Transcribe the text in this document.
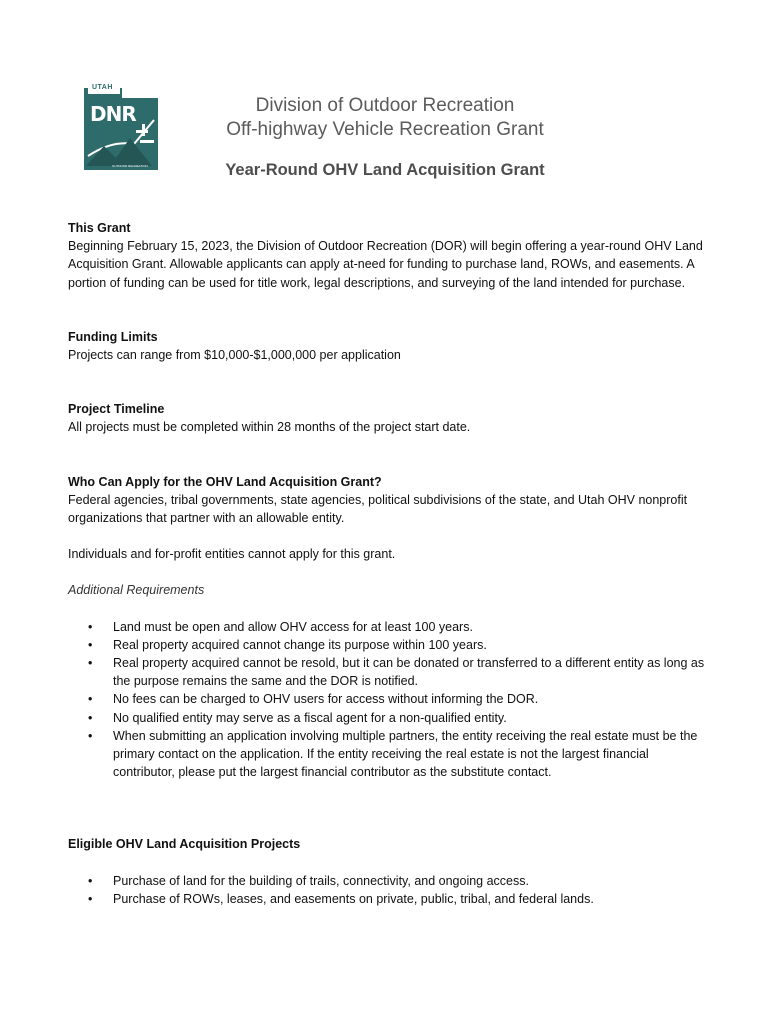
UTAH
DNR
OUTDOOR RECREATION
Division of Outdoor Recreation
Off-highway Vehicle Recreation Grant
Year-Round OHV Land Acquisition Grant
This Grant

Beginning February 15, 2023, the Division of Outdoor Recreation (DOR) will begin offering a year-round OHV Land Acquisition Grant. Allowable applicants can apply at-need for funding to purchase land, ROWs, and easements. A portion of funding can be used for title work, legal descriptions, and surveying of the land intended for purchase.

Funding Limits

Projects can range from $10,000-$1,000,000 per application

Project Timeline

All projects must be completed within 28 months of the project start date.

Who Can Apply for the OHV Land Acquisition Grant?

Federal agencies, tribal governments, state agencies, political subdivisions of the state, and Utah OHV nonprofit organizations that partner with an allowable entity.

Individuals and for-profit entities cannot apply for this grant.

Additional Requirements

• Land must be open and allow OHV access for at least 100 years.
• Real property acquired cannot change its purpose within 100 years.
• Real property acquired cannot be resold, but it can be donated or transferred to a different entity as long as the purpose remains the same and the DOR is notified.
• No fees can be charged to OHV users for access without informing the DOR.
• No qualified entity may serve as a fiscal agent for a non-qualified entity.
• When submitting an application involving multiple partners, the entity receiving the real estate must be the primary contact on the application. If the entity receiving the real estate is not the largest financial contributor, please put the largest financial contributor as the substitute contact.
Eligible OHV Land Acquisition Projects
• Purchase of land for the building of trails, connectivity, and ongoing access.
• Purchase of ROWs, leases, and easements on private, public, tribal, and federal lands.
